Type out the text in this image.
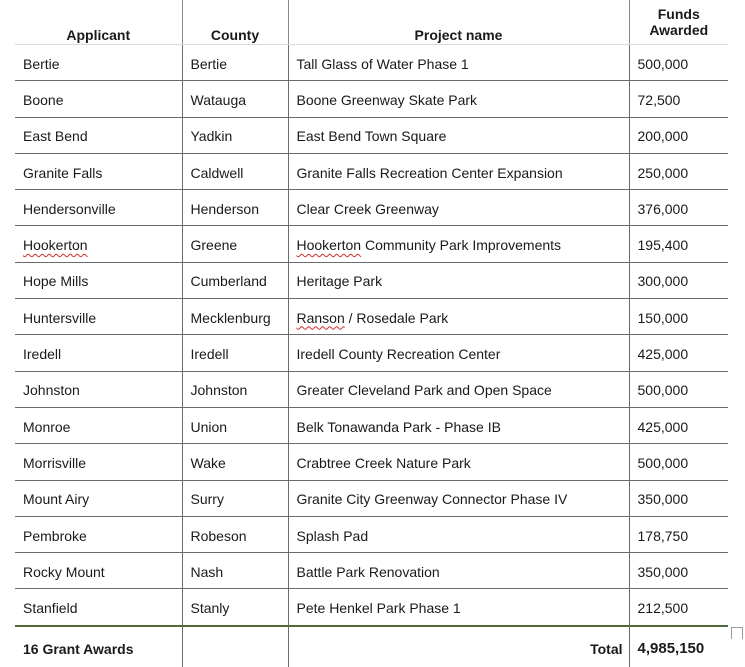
Applicant	County	Project name	Funds
Awarded
Bertie	Bertie	Tall Glass of Water Phase 1	500,000
Boone	Watauga	Boone Greenway Skate Park	72,500
East Bend	Yadkin	East Bend Town Square	200,000
Granite Falls	Caldwell	Granite Falls Recreation Center Expansion	250,000
Hendersonville	Henderson	Clear Creek Greenway	376,000
Hookerton	Greene	Hookerton Community Park Improvements	195,400
Hope Mills	Cumberland	Heritage Park	300,000
Huntersville	Mecklenburg	Ranson / Rosedale Park	150,000
Iredell	Iredell	Iredell County Recreation Center	425,000
Johnston	Johnston	Greater Cleveland Park and Open Space	500,000
Monroe	Union	Belk Tonawanda Park - Phase IB	425,000
Morrisville	Wake	Crabtree Creek Nature Park	500,000
Mount Airy	Surry	Granite City Greenway Connector Phase IV	350,000
Pembroke	Robeson	Splash Pad	178,750
Rocky Mount	Nash	Battle Park Renovation	350,000
Stanfield	Stanly	Pete Henkel Park Phase 1	212,500
16 Grant Awards		Total	4,985,150
